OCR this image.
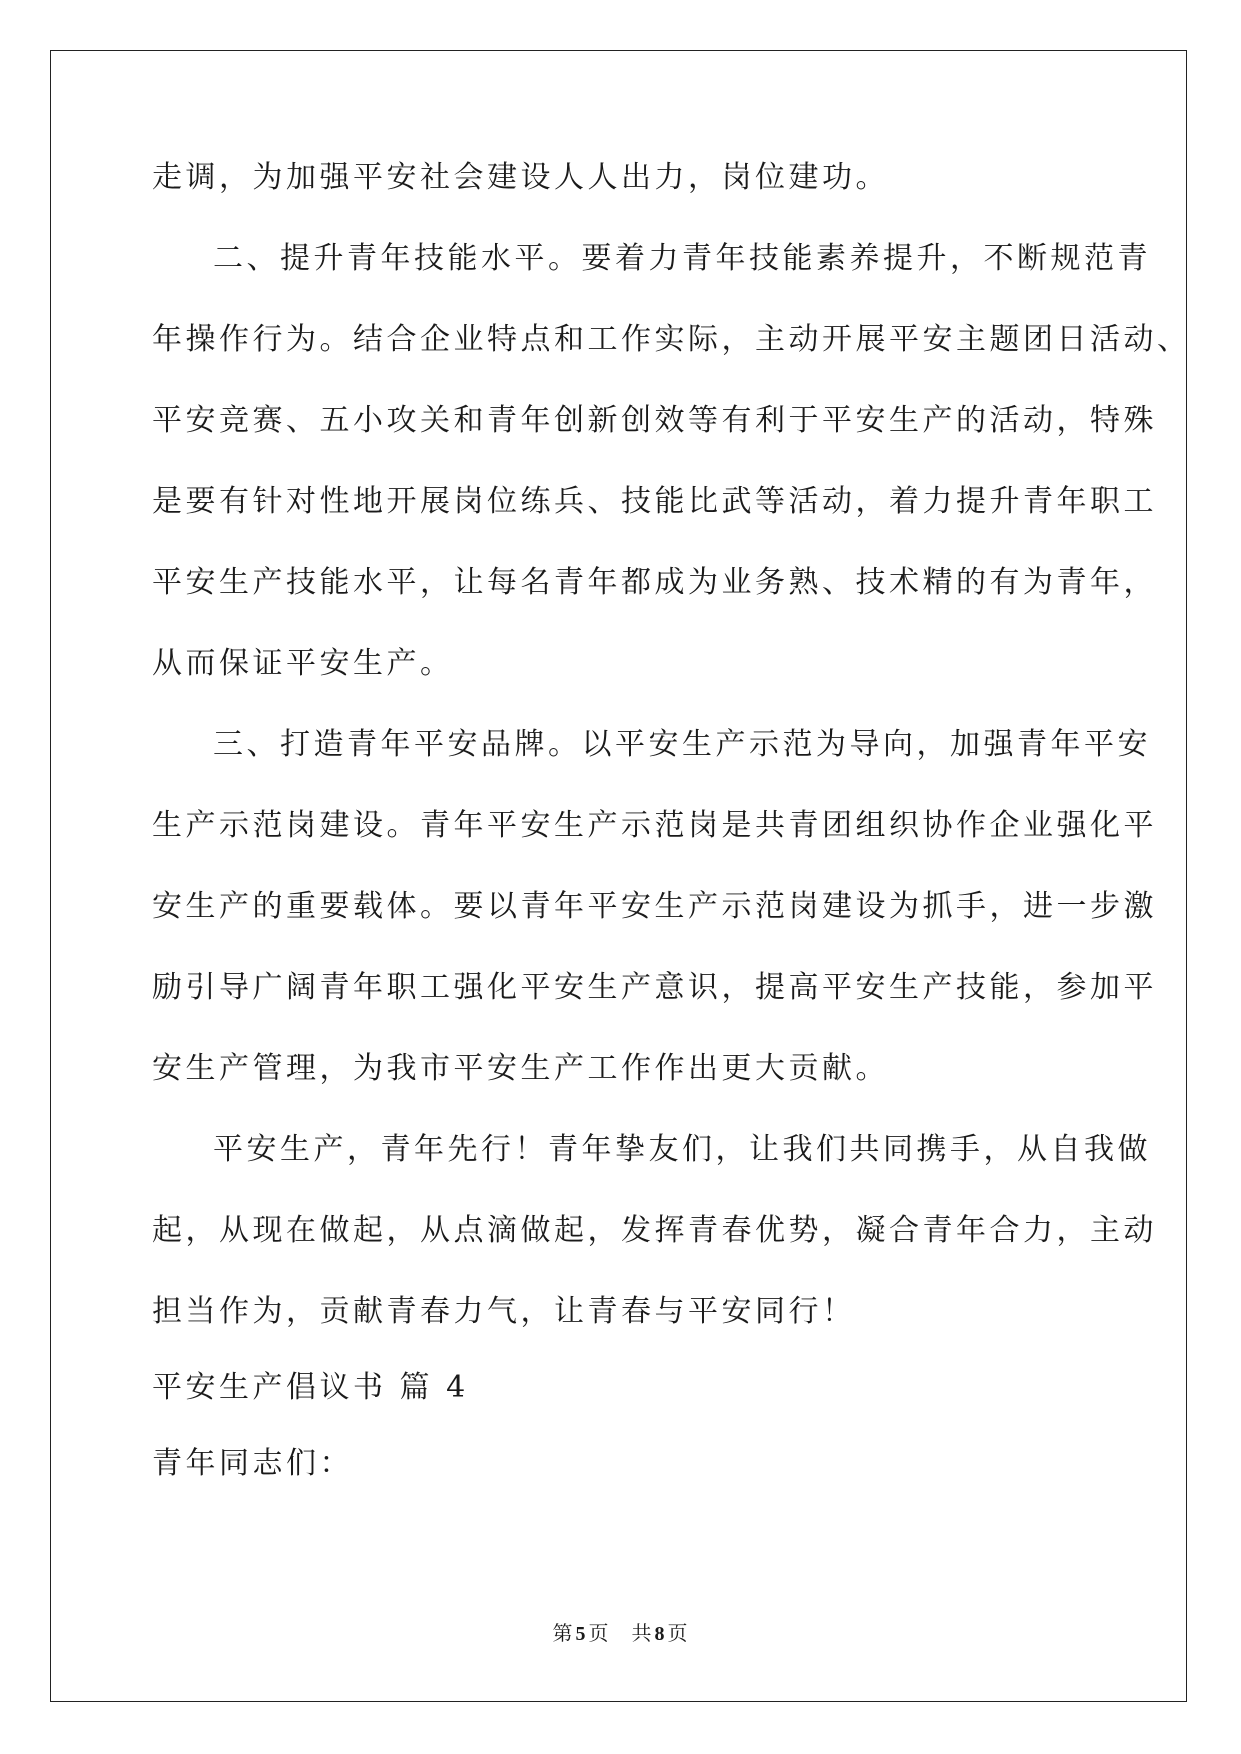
走调，为加强平安社会建设人人出力，岗位建功。
二、提升青年技能水平。要着力青年技能素养提升，不断规范青
年操作行为。结合企业特点和工作实际，主动开展平安主题团日活动、
平安竞赛、五小攻关和青年创新创效等有利于平安生产的活动，特殊
是要有针对性地开展岗位练兵、技能比武等活动，着力提升青年职工
平安生产技能水平，让每名青年都成为业务熟、技术精的有为青年，
从而保证平安生产。
三、打造青年平安品牌。以平安生产示范为导向，加强青年平安
生产示范岗建设。青年平安生产示范岗是共青团组织协作企业强化平
安生产的重要载体。要以青年平安生产示范岗建设为抓手，进一步激
励引导广阔青年职工强化平安生产意识，提高平安生产技能，参加平
安生产管理，为我市平安生产工作作出更大贡献。
平安生产，青年先行！青年挚友们，让我们共同携手，从自我做
起，从现在做起，从点滴做起，发挥青春优势，凝合青年合力，主动
担当作为，贡献青春力气，让青春与平安同行！
平安生产倡议书 篇 4
青年同志们：
第 5 页   共 8 页
